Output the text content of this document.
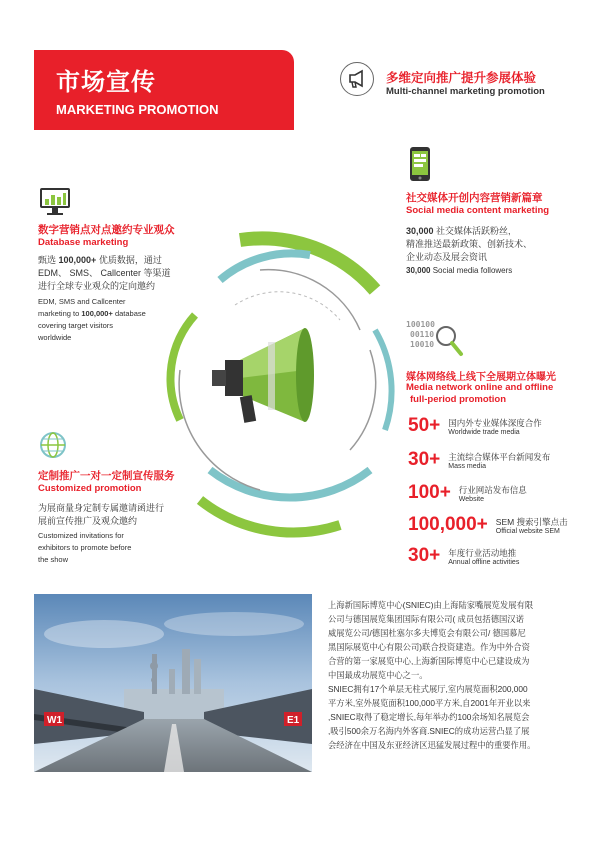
市场宣传
MARKETING PROMOTION
多维定向推广提升参展体验
Multi-channel marketing promotion
社交媒体开创内容营销新篇章
Social media content marketing
30,000 社交媒体活跃粉丝,
精准推送最新政策、创新技术、
企业动态及展会资讯
30,000 Social media followers
数字营销点对点邀约专业观众
Database marketing
甄选 100,000+ 优质数据，通过
EDM、 SMS、 Callcenter 等渠道
进行全球专业观众的定向邀约
EDM, SMS and Callcenter
marketing to 100,000+ database
covering target visitors
worldwide
100100
00110
10010
媒体网络线上线下全展期立体曝光
Media network online and offline
full-period promotion
50+ 国内外专业媒体深度合作
Worldwide trade media
30+ 主流综合媒体平台新闻发布
Mass media
100+ 行业网站发布信息
Website
100,000+ SEM 搜索引擎点击
Official website SEM
30+ 年度行业活动地推
Annual offline activities
定制推广一对一定制宣传服务
Customized promotion
为展商量身定制专属邀请函进行
展前宣传推广及观众邀约
Customized invitations for
exhibitors to promote before
the show
W1	E1
上海新国际博览中心(SNIEC)由上海陆家嘴展览发展有限
公司与德国展览集团国际有限公司( 成员包括德国汉诺
威展览公司/德国杜塞尔多夫博览会有限公司/ 德国慕尼
黑国际展览中心有限公司)联合投资建造。作为中外合资
合营的第一家展览中心,上海新国际博览中心已建设成为
中国最成功展览中心之一。
SNIEC拥有17个单层无柱式展厅,室内展览面积200,000
平方米,室外展览面积100,000平方米,自2001年开业以来
,SNIEC取得了稳定增长,每年举办约100余场知名展览会
,吸引500余万名海内外客商.SNIEC的成功运营凸显了展
会经济在中国及东亚经济区迅猛发展过程中的重要作用。
